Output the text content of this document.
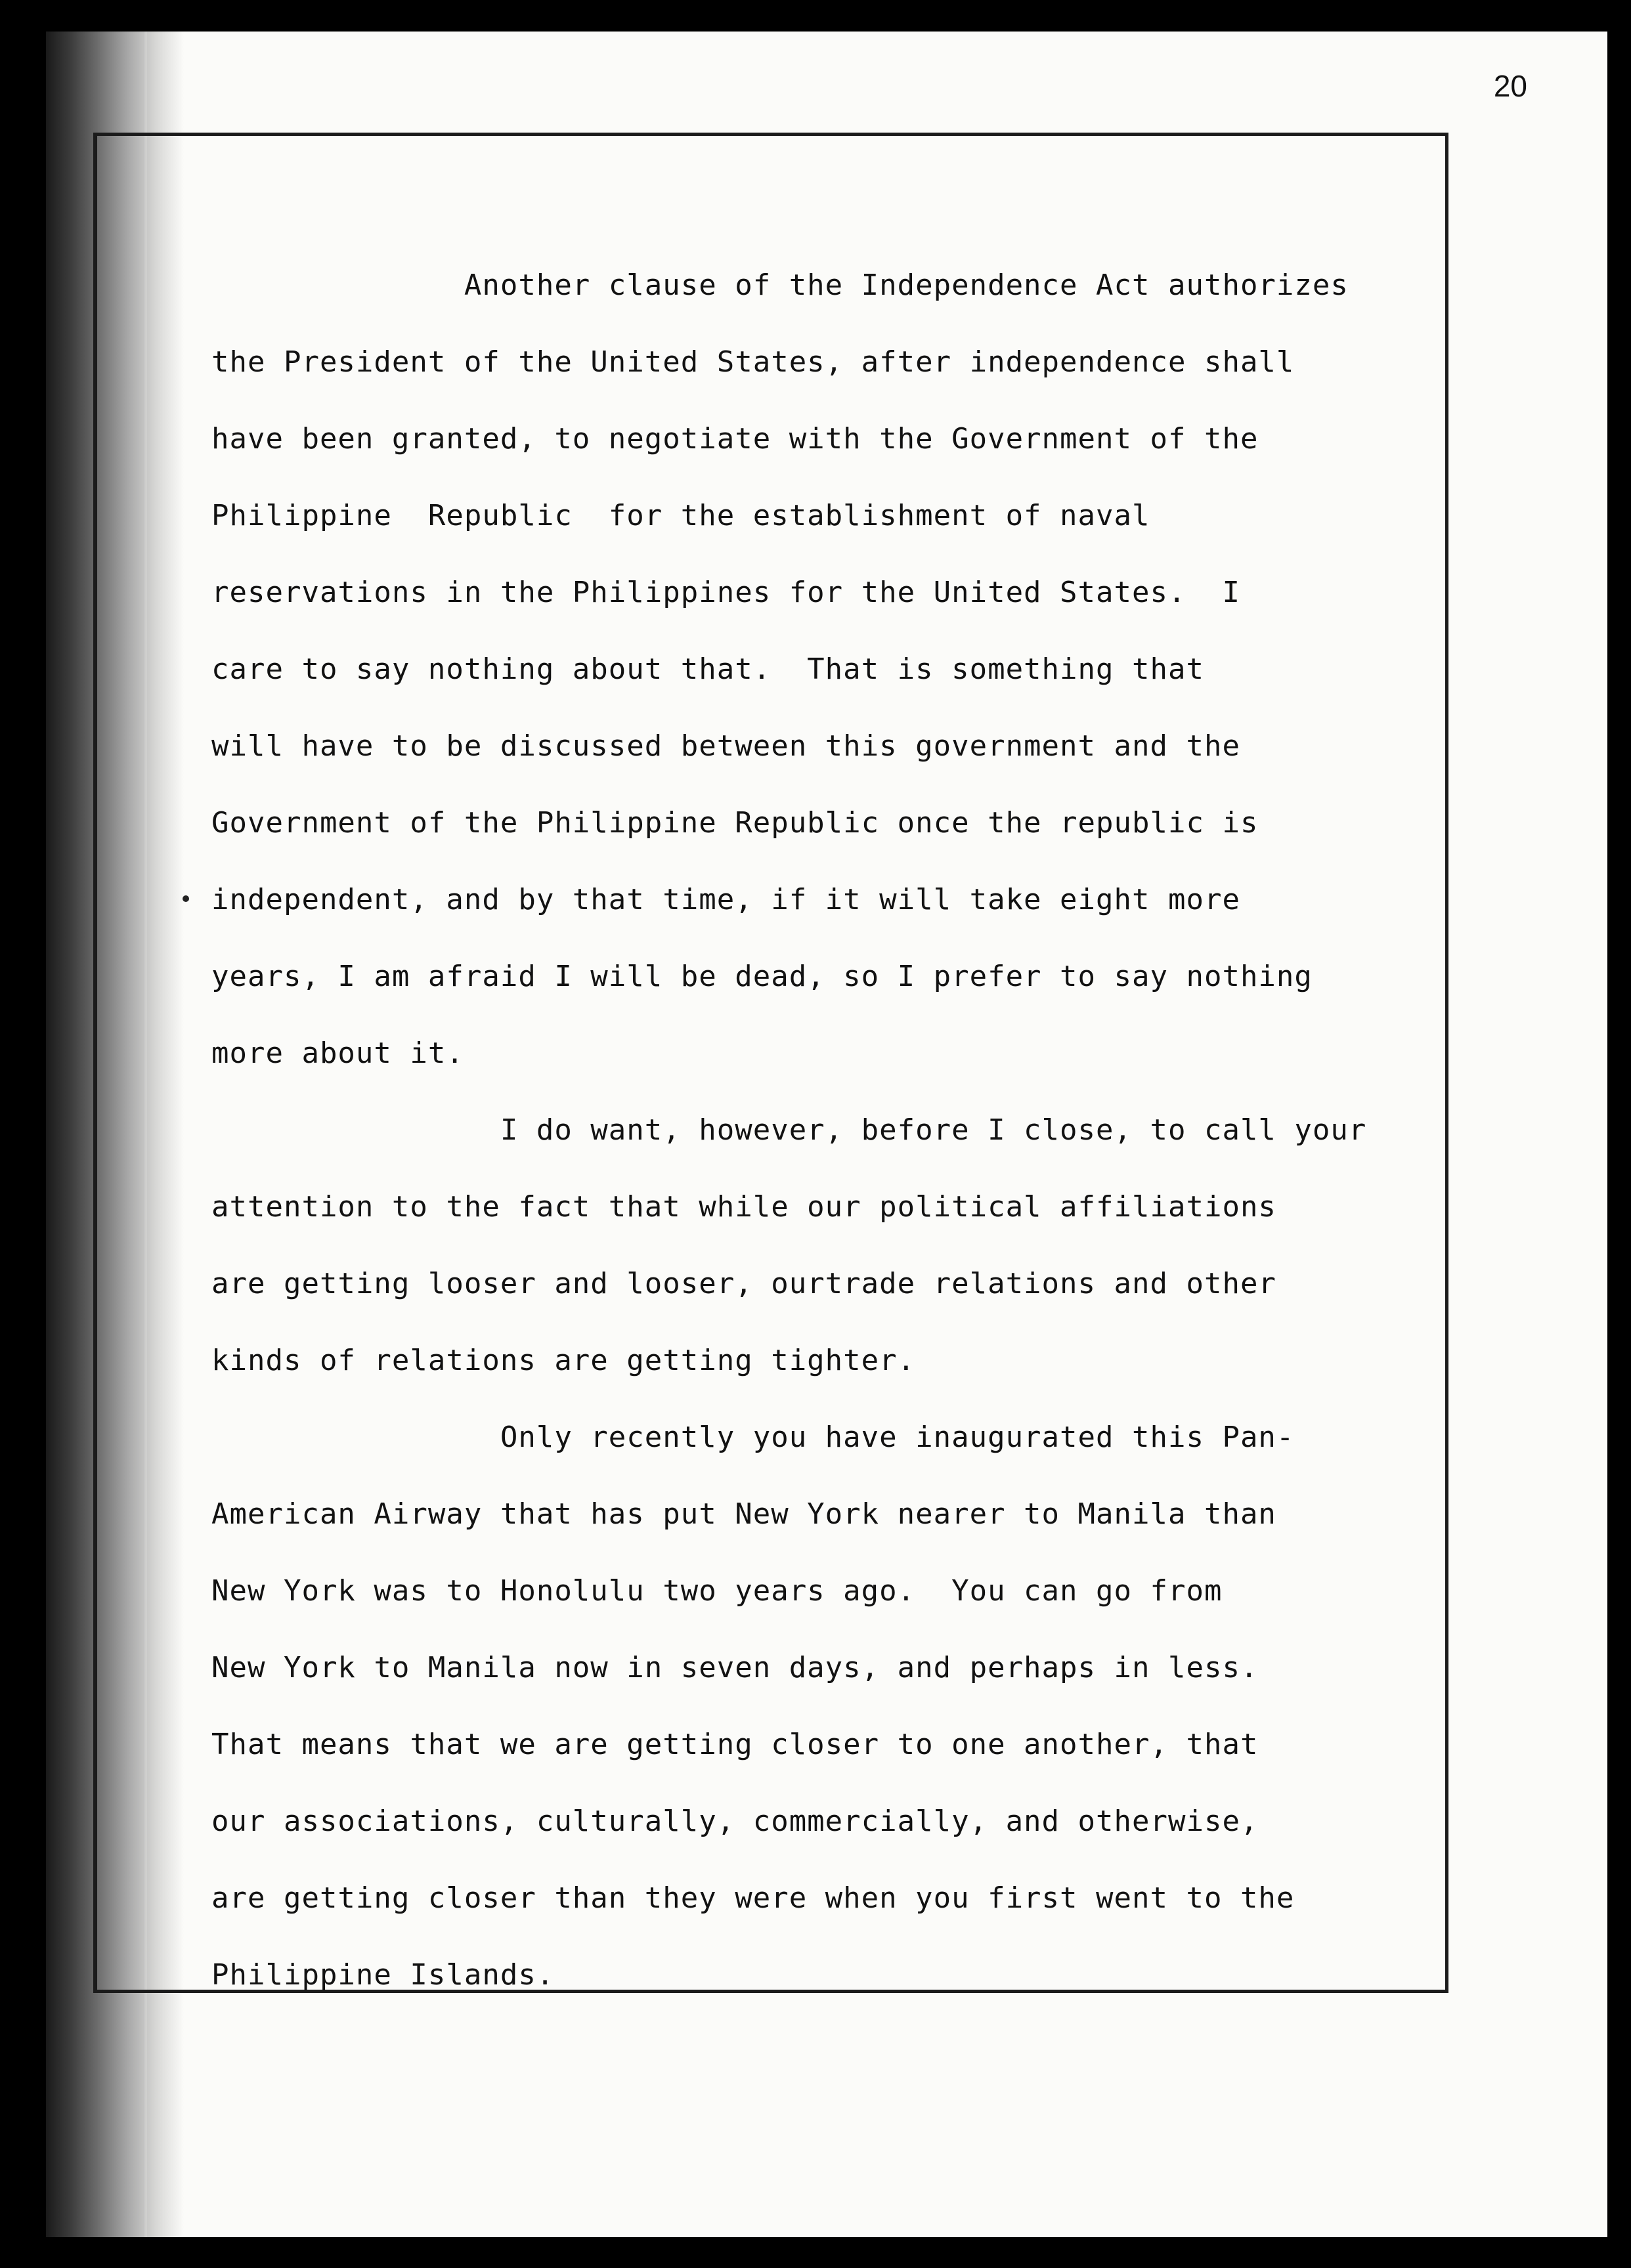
20
Another clause of the Independence Act authorizes
the President of the United States, after independence shall
have been granted, to negotiate with the Government of the
Philippine  Republic  for the establishment of naval
reservations in the Philippines for the United States.  I
care to say nothing about that.  That is something that
will have to be discussed between this government and the
Government of the Philippine Republic once the republic is
independent, and by that time, if it will take eight more
years, I am afraid I will be dead, so I prefer to say nothing
more about it.
I do want, however, before I close, to call your
attention to the fact that while our political affiliations
are getting looser and looser, ourtrade relations and other
kinds of relations are getting tighter.
Only recently you have inaugurated this Pan-
American Airway that has put New York nearer to Manila than
New York was to Honolulu two years ago.  You can go from
New York to Manila now in seven days, and perhaps in less.
That means that we are getting closer to one another, that
our associations, culturally, commercially, and otherwise,
are getting closer than they were when you first went to the
Philippine Islands.
